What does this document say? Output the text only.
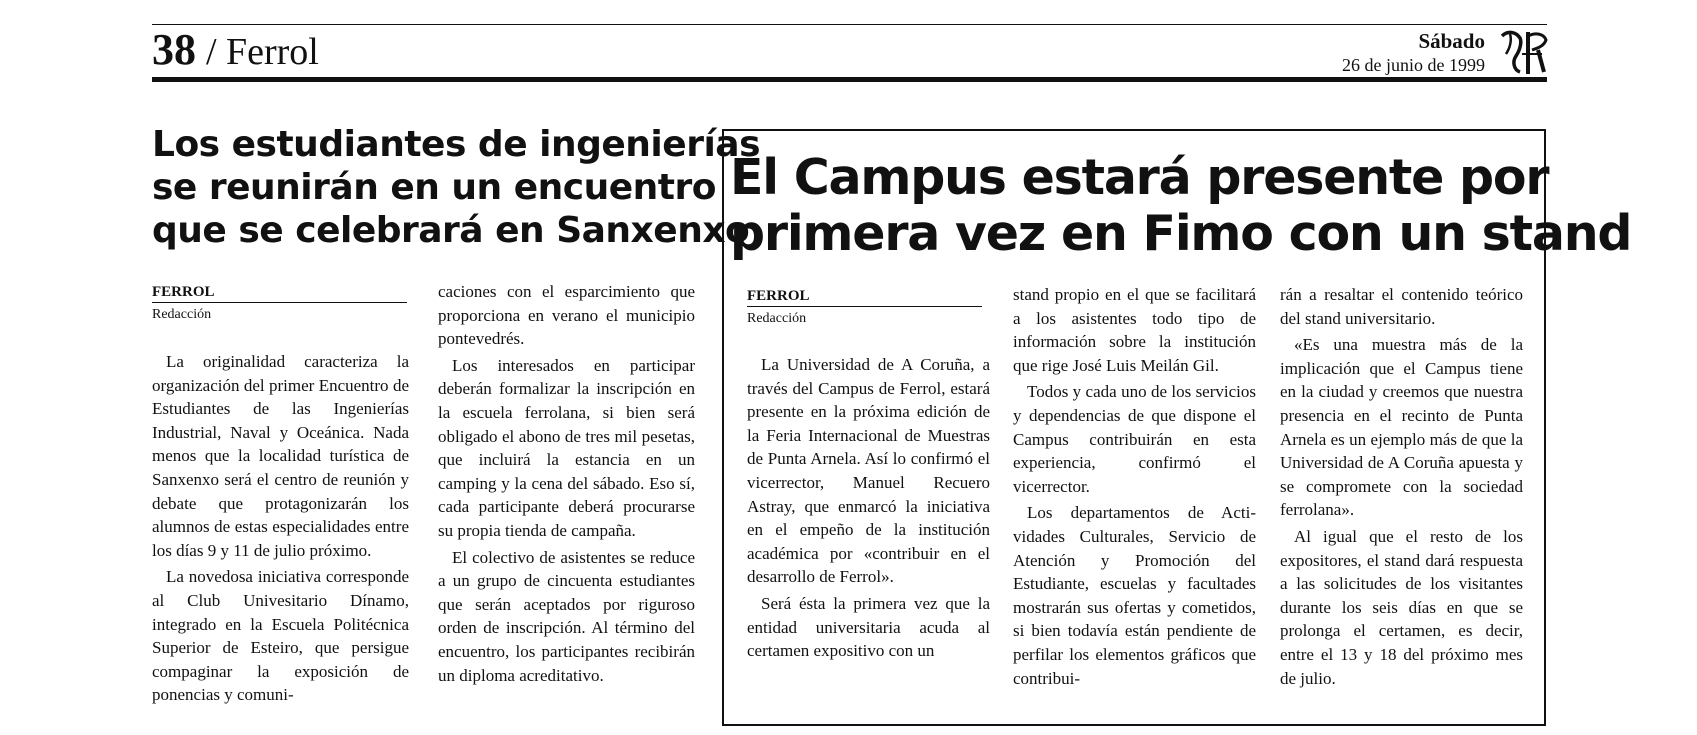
38 / Ferrol	Sábado
26 de junio de 1999
Los estudiantes de ingenierías
se reunirán en un encuentro
que se celebrará en Sanxenxo
FERROL
Redacción

La originalidad caracteriza la organización del primer Encuentro de Estudiantes de las Ingenierías Industrial, Naval y Oceánica. Nada menos que la localidad turística de Sanxenxo será el centro de reunión y debate que protagonizarán los alumnos de estas especialidades entre los días 9 y 11 de julio próximo.

La novedosa iniciativa corresponde al Club Univesitario Dínamo, integrado en la Escuela Politécnica Superior de Esteiro, que persigue compaginar la exposición de ponencias y comuni-

caciones con el esparcimiento que proporciona en verano el municipio pontevedrés.

Los interesados en participar deberán formalizar la inscripción en la escuela ferrolana, si bien será obligado el abono de tres mil pesetas, que incluirá la estancia en un camping y la cena del sábado. Eso sí, cada participante deberá procurarse su propia tienda de campaña.

El colectivo de asistentes se reduce a un grupo de cincuenta estudiantes que serán aceptados por riguroso orden de inscripción. Al término del encuentro, los participantes recibirán un diploma acreditativo.

El Campus estará presente por
primera vez en Fimo con un stand
FERROL
Redacción

La Universidad de A Coruña, a través del Campus de Ferrol, estará presente en la próxima edición de la Feria Internacional de Muestras de Punta Arnela. Así lo confirmó el vicerrector, Manuel Recuero Astray, que enmarcó la iniciativa en el empeño de la institución académica por «contribuir en el desarrollo de Ferrol».

Será ésta la primera vez que la entidad universitaria acuda al certamen expositivo con un

stand propio en el que se facilitará a los asistentes todo tipo de información sobre la institución que rige José Luis Meilán Gil.

Todos y cada uno de los servicios y dependencias de que dispone el Campus contribuirán en esta experiencia, confirmó el vicerrector.

Los departamentos de Actividades Culturales, Servicio de Atención y Promoción del Estudiante, escuelas y facultades mostrarán sus ofertas y cometidos, si bien todavía están pendiente de perfilar los elementos gráficos que contribui-

rán a resaltar el contenido teórico del stand universitario.

«Es una muestra más de la implicación que el Campus tiene en la ciudad y creemos que nuestra presencia en el recinto de Punta Arnela es un ejemplo más de que la Universidad de A Coruña apuesta y se compromete con la sociedad ferrolana».

Al igual que el resto de los expositores, el stand dará respuesta a las solicitudes de los visitantes durante los seis días en que se prolonga el certamen, es decir, entre el 13 y 18 del próximo mes de julio.
